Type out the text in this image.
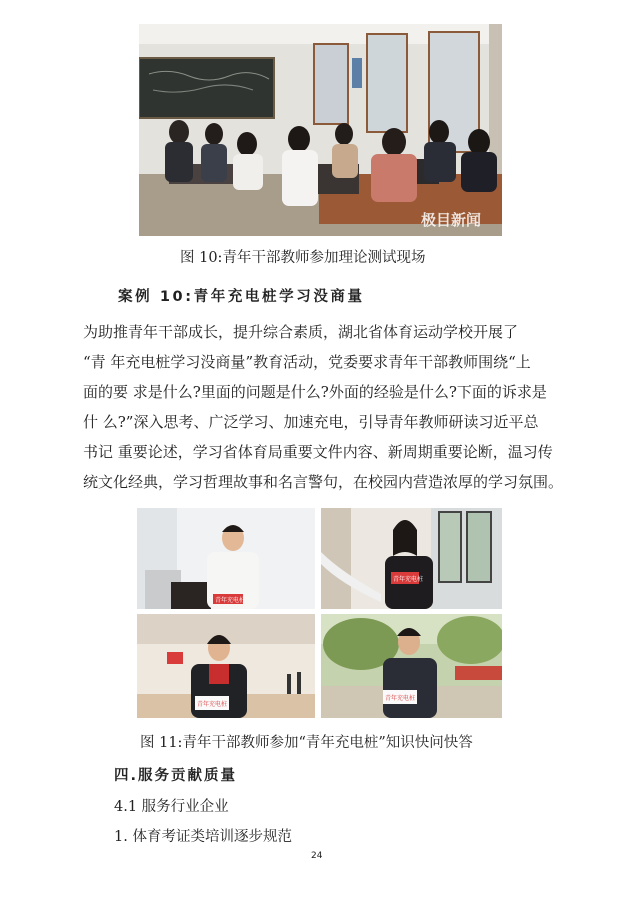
极目新闻
图 10:青年干部教师参加理论测试现场
案例 10:青年充电桩学习没商量
为助推青年干部成长，提升综合素质，湖北省体育运动学校开展了
“青 年充电桩学习没商量”教育活动，党委要求青年干部教师围绕“上
面的要 求是什么?里面的问题是什么?外面的经验是什么?下面的诉求是
什 么?”深入思考、广泛学习、加速充电，引导青年教师研读习近平总
书记 重要论述，学习省体育局重要文件内容、新周期重要论断，温习传
统文化经典，学习哲理故事和名言警句，在校园内营造浓厚的学习氛围。
青年充电桩
青年充电桩
青年充电桩
青年充电桩
图 11:青年干部教师参加“青年充电桩”知识快问快答
四.服务贡献质量
4.1 服务行业企业
1. 体育考证类培训逐步规范
24
